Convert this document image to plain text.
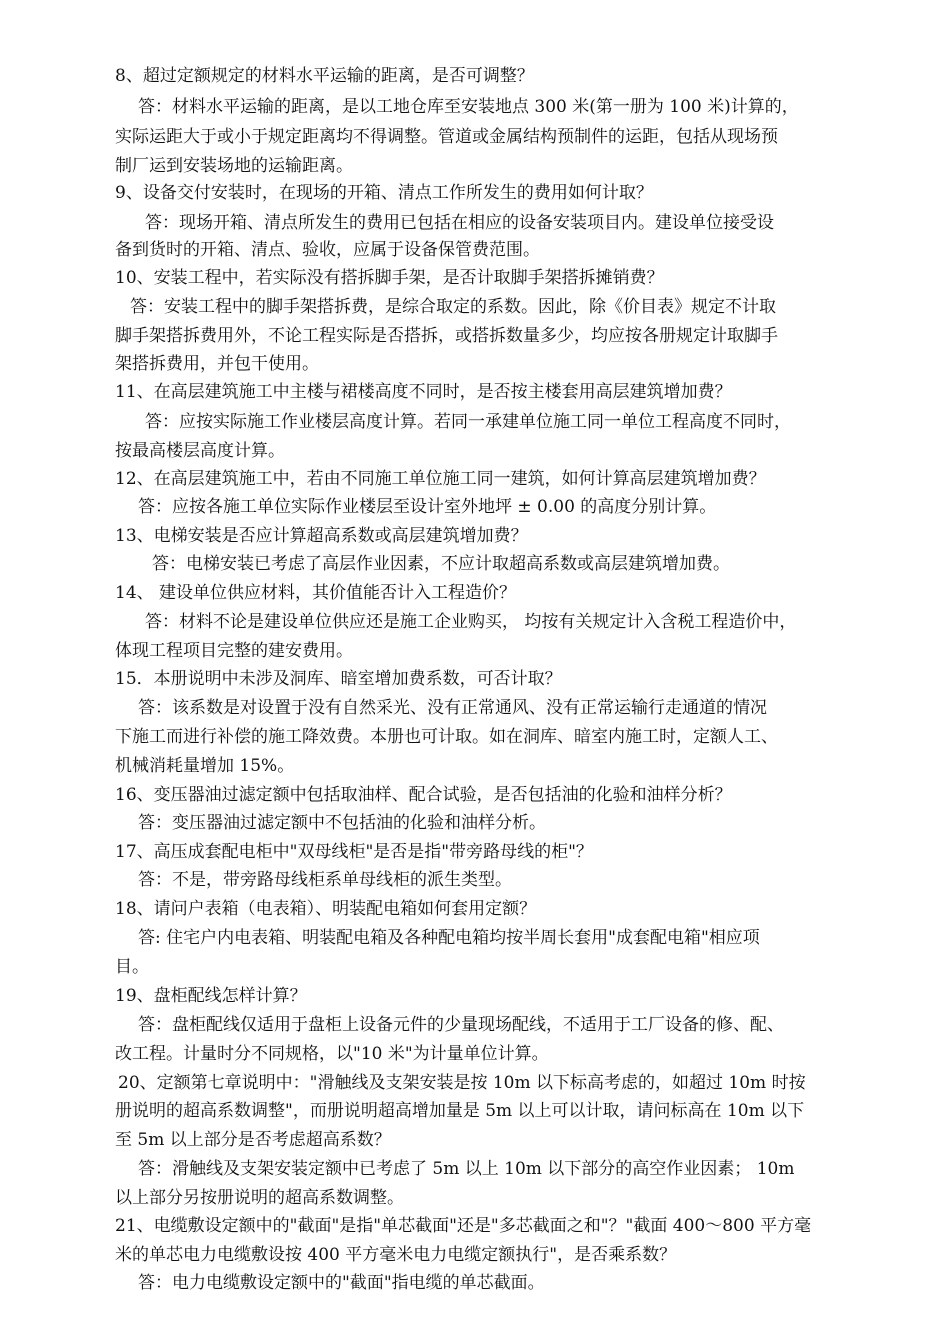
8、超过定额规定的材料水平运输的距离，是否可调整？
答：材料水平运输的距离，是以工地仓库至安装地点 300 米(第一册为 100 米)计算的，
实际运距大于或小于规定距离均不得调整。管道或金属结构预制件的运距，包括从现场预
制厂运到安装场地的运输距离。
9、设备交付安装时，在现场的开箱、清点工作所发生的费用如何计取？
答：现场开箱、清点所发生的费用已包括在相应的设备安装项目内。建设单位接受设
备到货时的开箱、清点、验收，应属于设备保管费范围。
10、安装工程中，若实际没有搭拆脚手架，是否计取脚手架搭拆摊销费？
答：安装工程中的脚手架搭拆费，是综合取定的系数。因此，除《价目表》规定不计取
脚手架搭拆费用外，不论工程实际是否搭拆，或搭拆数量多少，均应按各册规定计取脚手
架搭拆费用，并包干使用。
11、在高层建筑施工中主楼与裙楼高度不同时，是否按主楼套用高层建筑增加费？
答：应按实际施工作业楼层高度计算。若同一承建单位施工同一单位工程高度不同时，
按最高楼层高度计算。
12、在高层建筑施工中，若由不同施工单位施工同一建筑，如何计算高层建筑增加费？
答：应按各施工单位实际作业楼层至设计室外地坪 ± 0.00 的高度分别计算。
13、电梯安装是否应计算超高系数或高层建筑增加费？
答：电梯安装已考虑了高层作业因素，不应计取超高系数或高层建筑增加费。
14、 建设单位供应材料，其价值能否计入工程造价？
答：材料不论是建设单位供应还是施工企业购买， 均按有关规定计入含税工程造价中，
体现工程项目完整的建安费用。
15．本册说明中未涉及洞库、暗室增加费系数，可否计取？
答：该系数是对设置于没有自然采光、没有正常通风、没有正常运输行走通道的情况
下施工而进行补偿的施工降效费。本册也可计取。如在洞库、暗室内施工时，定额人工、
机械消耗量增加 15%。
16、变压器油过滤定额中包括取油样、配合试验，是否包括油的化验和油样分析？
答：变压器油过滤定额中不包括油的化验和油样分析。
17、高压成套配电柜中"双母线柜"是否是指"带旁路母线的柜"？
答：不是，带旁路母线柜系单母线柜的派生类型。
18、请问户表箱（电表箱）、明装配电箱如何套用定额？
答: 住宅户内电表箱、明装配电箱及各种配电箱均按半周长套用"成套配电箱"相应项
目。
19、盘柜配线怎样计算？
答：盘柜配线仅适用于盘柜上设备元件的少量现场配线，不适用于工厂设备的修、配、
改工程。计量时分不同规格，以"10 米"为计量单位计算。
20、定额第七章说明中："滑触线及支架安装是按 10m 以下标高考虑的，如超过 10m 时按
册说明的超高系数调整"，而册说明超高增加量是 5m 以上可以计取，请问标高在 10m 以下
至 5m 以上部分是否考虑超高系数？
答：滑触线及支架安装定额中已考虑了 5m 以上 10m 以下部分的高空作业因素； 10m
以上部分另按册说明的超高系数调整。
21、电缆敷设定额中的"截面"是指"单芯截面"还是"多芯截面之和"？"截面 400～800 平方毫
米的单芯电力电缆敷设按 400 平方毫米电力电缆定额执行"，是否乘系数？
答：电力电缆敷设定额中的"截面"指电缆的单芯截面。
